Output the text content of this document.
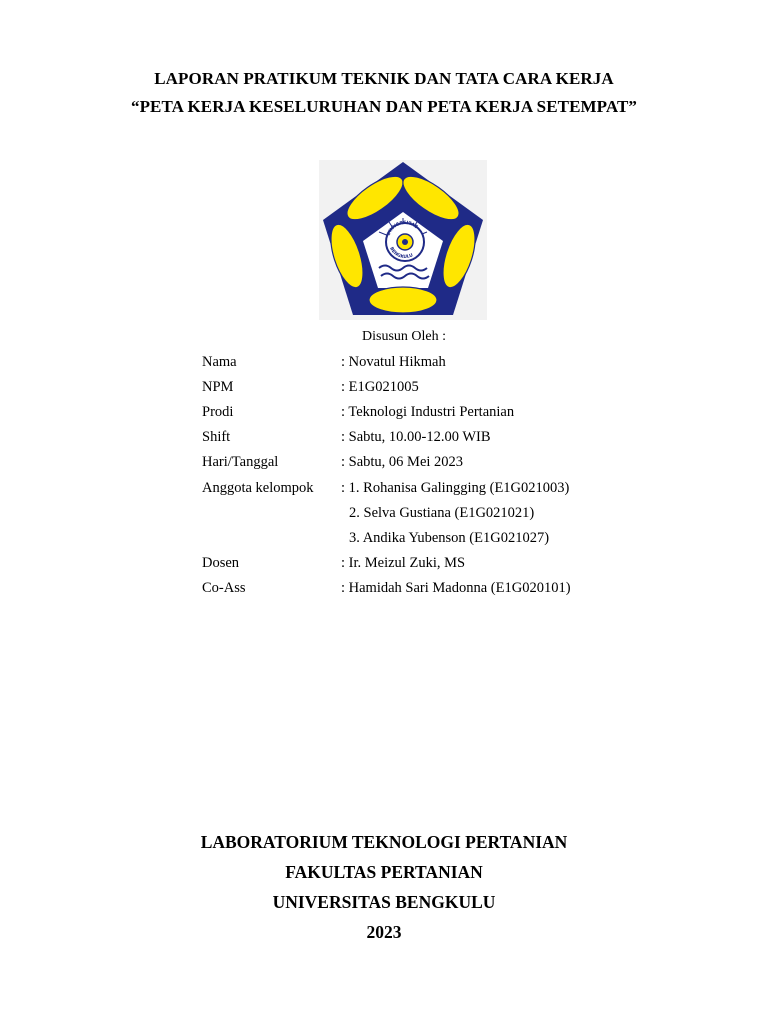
LAPORAN PRATIKUM TEKNIK DAN TATA CARA KERJA
“PETA KERJA KESELURUHAN DAN PETA KERJA SETEMPAT”
UNIVERSITAS
BENGKULU
Disusun Oleh :
Nama	: Novatul Hikmah
NPM	: E1G021005
Prodi	: Teknologi Industri Pertanian
Shift	: Sabtu, 10.00-12.00 WIB
Hari/Tanggal	: Sabtu, 06 Mei 2023
Anggota kelompok : 1. Rohanisa Galingging (E1G021003)
2. Selva Gustiana (E1G021021)
3. Andika Yubenson (E1G021027)
Dosen	: Ir. Meizul Zuki, MS
Co-Ass	: Hamidah Sari Madonna (E1G020101)
LABORATORIUM TEKNOLOGI PERTANIAN
FAKULTAS PERTANIAN
UNIVERSITAS BENGKULU
2023
